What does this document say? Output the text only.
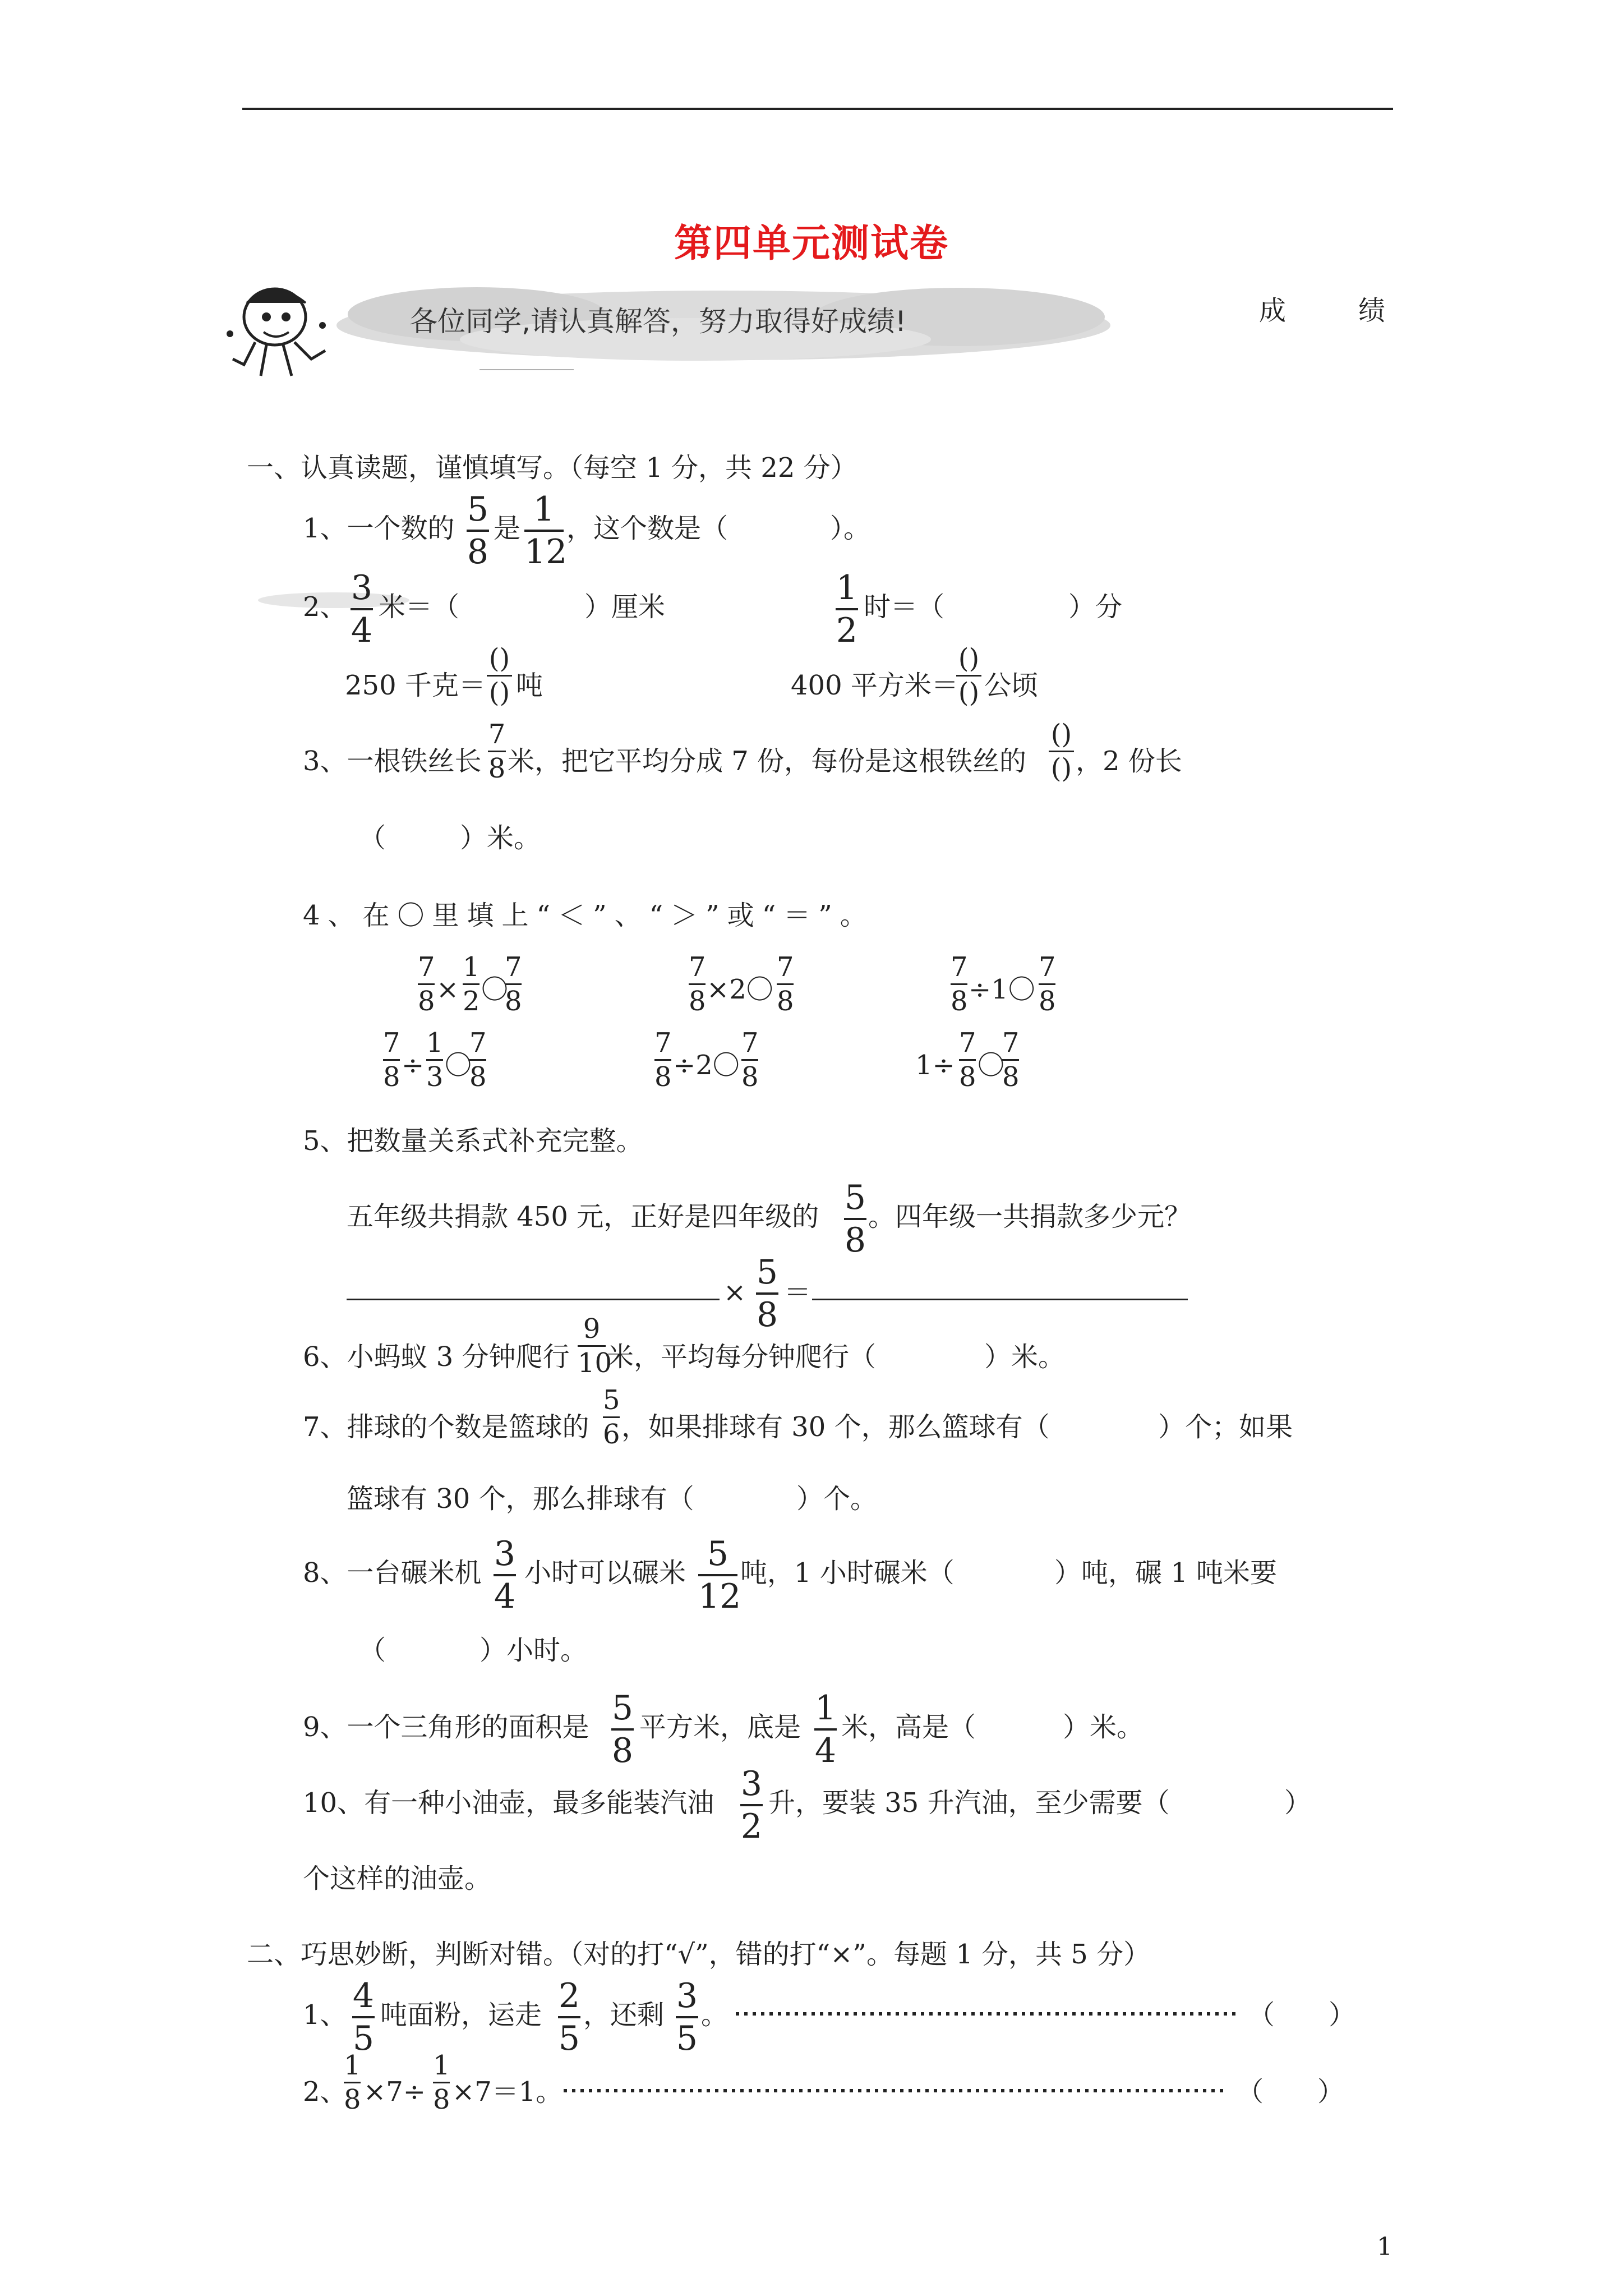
第四单元测试卷
各位同学,请认真解答，努力取得好成绩!	成	绩
____________
一、认真读题，谨慎填写。（每空 1 分，共 22 分）
1、一个数的 5
8
是 1
12
，这个数是（	）。
2、 3
4
米＝（	）厘米	1
2
时＝（	）分
250 千克＝
()
() 吨	400 平方米＝
()
() 公顷
3、一根铁丝长
7
8 米，把它平均分成 7 份，每份是这根铁丝的
()
() ，2 份长
（	）米。
4、在〇里填上“＜”、“＞”或“＝”。
7
8 ×
1
2 〇
7
8
7
8 ×2〇
7
8
7
8 ÷1〇
7
8
7
8 ÷
1
3 〇
7
8
7
8 ÷2〇
7
8	1÷
7
8 〇
7
8
5、把数量关系式补充完整。
五年级共捐款 450 元，正好是四年级的 5
8
。四年级一共捐款多少元？
×
5
8
＝
6、小蚂蚁 3 分钟爬行
9
10
米，平均每分钟爬行（	）米。
7、排球的个数是篮球的
5
6 ，如果排球有 30 个，那么篮球有（	）个；如果
篮球有 30 个，那么排球有（	）个。
8、一台碾米机 3
4
小时可以碾米 5
12
吨，1 小时碾米（	）吨，碾 1 吨米要
（	）小时。
9、一个三角形的面积是 5
8
平方米，底是 1
4
米，高是（	）米。
10、有一种小油壶，最多能装汽油 3
2
升，要装 35 升汽油，至少需要（	）
个这样的油壶。
二、巧思妙断，判断对错。（对的打“√”，错的打“×”。每题 1 分，共 5 分）
1、 4
5
吨面粉，运走 2
5
，还剩 3
5
。	（　　）
2、
1
8 ×7÷
1
8 ×7＝1。	（　　）
1
